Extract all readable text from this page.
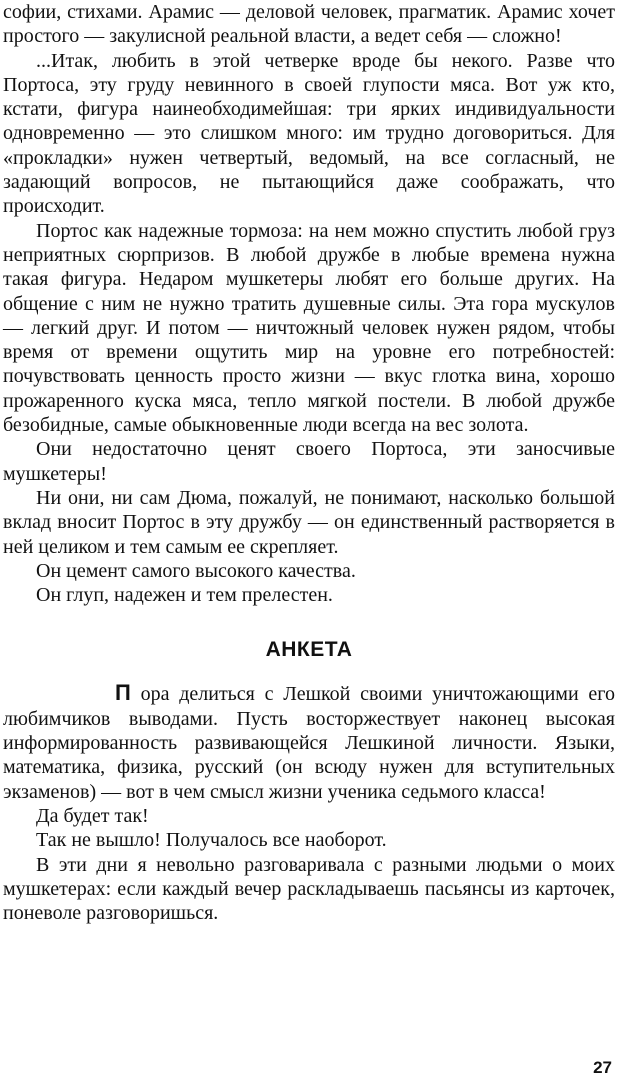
софии, стихами. Арамис — деловой человек, прагматик. Арамис хочет простого — закулисной реальной власти, а ведет себя — сложно!

...Итак, любить в этой четверке вроде бы некого. Разве что Портоса, эту груду невинного в своей глупости мяса. Вот уж кто, кстати, фигура наинеобходимейшая: три ярких индивидуальности одновременно — это слишком много: им трудно договориться. Для «прокладки» нужен четвертый, ведомый, на все согласный, не задающий вопросов, не пытающийся даже соображать, что происходит.

Портос как надежные тормоза: на нем можно спустить любой груз неприятных сюрпризов. В любой дружбе в любые времена нужна такая фигура. Недаром мушкетеры любят его больше других. На общение с ним не нужно тратить душевные силы. Эта гора мускулов — легкий друг. И потом — ничтожный человек нужен рядом, чтобы время от времени ощутить мир на уровне его потребностей: почувствовать ценность просто жизни — вкус глотка вина, хорошо прожаренного куска мяса, теплo мягкой постели. В любой дружбе безобидные, самые обыкновенные люди всегда на вес золота.

Они недостаточно ценят своего Портоса, эти заносчивые мушкетеры!

Ни они, ни сам Дюма, пожалуй, не понимают, насколько большой вклад вносит Портос в эту дружбу — он единственный растворяется в ней целиком и тем самым ее скрепляет.

Он цемент самого высокого качества.

Он глуп, надежен и тем прелестен.

АНКЕТА

П ора делиться с Лешкой своими уничтожающими его любимчиков выводами. Пусть восторжествует наконец высокая информированность развивающейся Лешкиной личности. Языки, математика, физика, русский (он всюду нужен для вступительных экзаменов) — вот в чем смысл жизни ученика седьмого класса!

Да будет так!

Так не вышло! Получалось все наоборот.

В эти дни я невольно разговаривала с разными людьми о моих мушкетерах: если каждый вечер раскладываешь пасьянсы из карточек, поневоле разговоришься.

27
